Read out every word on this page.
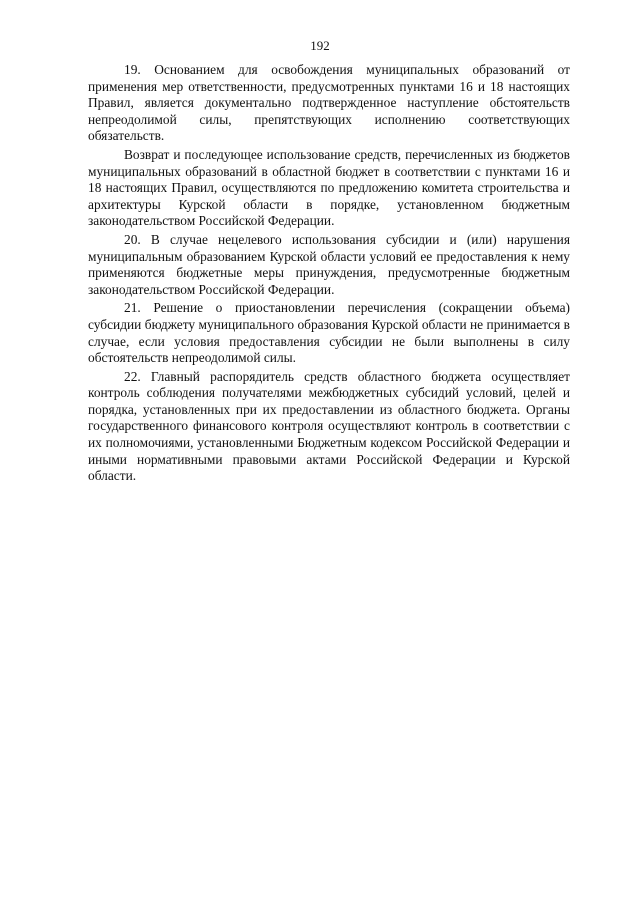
192

19. Основанием для освобождения муниципальных образований от применения мер ответственности, предусмотренных пунктами 16 и 18 настоящих Правил, является документально подтвержденное наступление обстоятельств непреодолимой силы, препятствующих исполнению соответствующих обязательств.

Возврат и последующее использование средств, перечисленных из бюджетов муниципальных образований в областной бюджет в соответствии с пунктами 16 и 18 настоящих Правил, осуществляются по предложению комитета строительства и архитектуры Курской области в порядке, установленном бюджетным законодательством Российской Федерации.

20. В случае нецелевого использования субсидии и (или) нарушения муниципальным образованием Курской области условий ее предоставления к нему применяются бюджетные меры принуждения, предусмотренные бюджетным законодательством Российской Федерации.

21. Решение о приостановлении перечисления (сокращении объема) субсидии бюджету муниципального образования Курской области не принимается в случае, если условия предоставления субсидии не были выполнены в силу обстоятельств непреодолимой силы.

22. Главный распорядитель средств областного бюджета осуществляет контроль соблюдения получателями межбюджетных субсидий условий, целей и порядка, установленных при их предоставлении из областного бюджета. Органы государственного финансового контроля осуществляют контроль в соответствии с их полномочиями, установленными Бюджетным кодексом Российской Федерации и иными нормативными правовыми актами Российской Федерации и Курской области.
